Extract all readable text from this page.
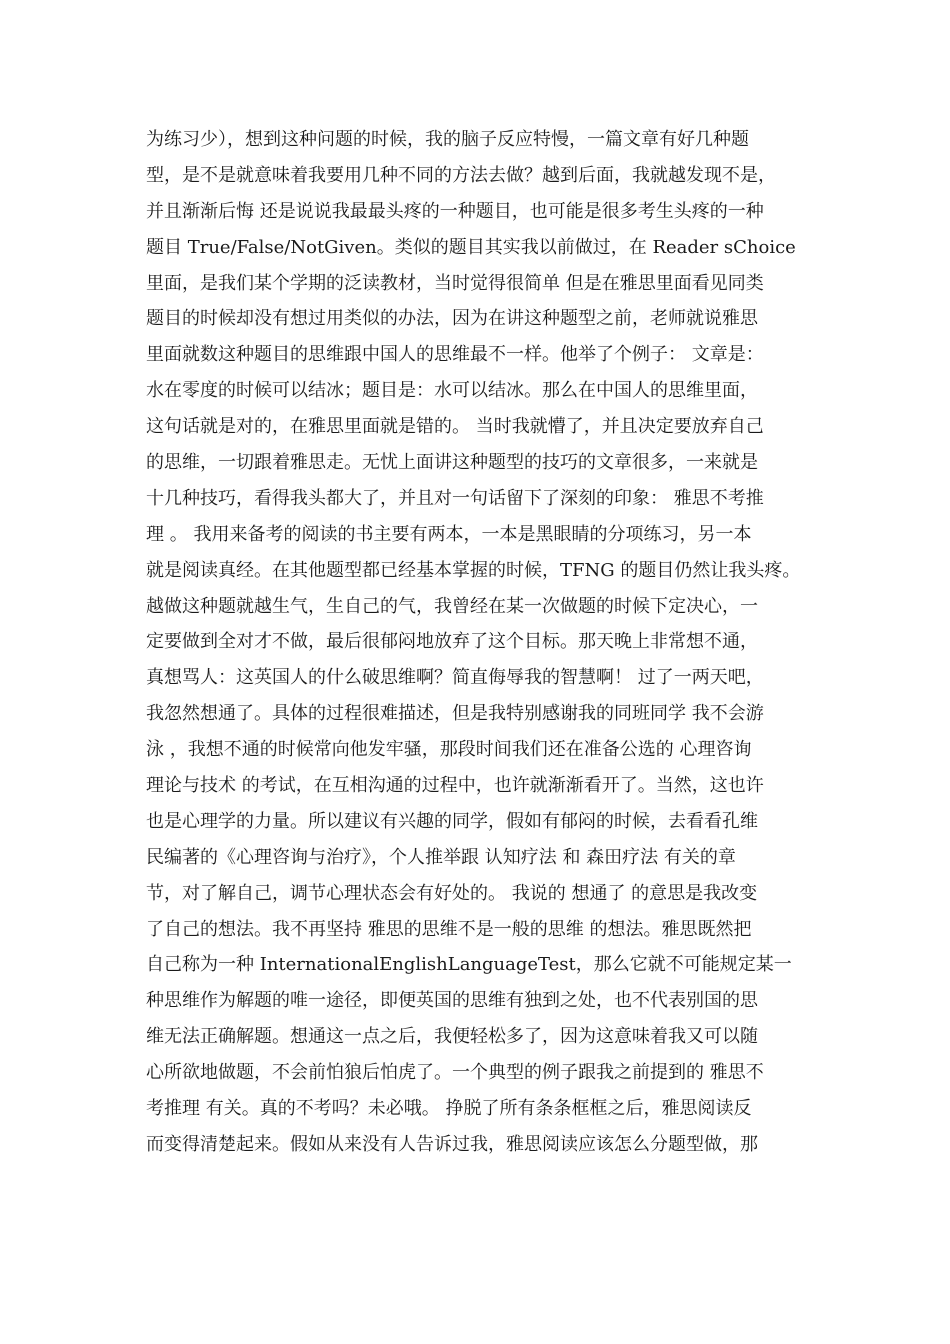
为练习少），想到这种问题的时候，我的脑子反应特慢，一篇文章有好几种题
型，是不是就意味着我要用几种不同的方法去做？越到后面，我就越发现不是，
并且渐渐后悔 还是说说我最最头疼的一种题目，也可能是很多考生头疼的一种
题目 True/False/NotGiven。类似的题目其实我以前做过，在 Reader sChoice
里面，是我们某个学期的泛读教材，当时觉得很简单 但是在雅思里面看见同类
题目的时候却没有想过用类似的办法，因为在讲这种题型之前，老师就说雅思
里面就数这种题目的思维跟中国人的思维最不一样。他举了个例子： 文章是：
水在零度的时候可以结冰；题目是：水可以结冰。那么在中国人的思维里面，
这句话就是对的，在雅思里面就是错的。 当时我就懵了，并且决定要放弃自己
的思维，一切跟着雅思走。无忧上面讲这种题型的技巧的文章很多，一来就是
十几种技巧，看得我头都大了，并且对一句话留下了深刻的印象： 雅思不考推
理 。 我用来备考的阅读的书主要有两本，一本是黑眼睛的分项练习，另一本
就是阅读真经。在其他题型都已经基本掌握的时候，TFNG 的题目仍然让我头疼。
越做这种题就越生气，生自己的气，我曾经在某一次做题的时候下定决心，一
定要做到全对才不做，最后很郁闷地放弃了这个目标。那天晚上非常想不通，
真想骂人：这英国人的什么破思维啊？简直侮辱我的智慧啊！ 过了一两天吧，
我忽然想通了。具体的过程很难描述，但是我特别感谢我的同班同学 我不会游
泳 ，我想不通的时候常向他发牢骚，那段时间我们还在准备公选的 心理咨询
理论与技术 的考试，在互相沟通的过程中，也许就渐渐看开了。当然，这也许
也是心理学的力量。所以建议有兴趣的同学，假如有郁闷的时候，去看看孔维
民编著的《心理咨询与治疗》，个人推举跟 认知疗法 和 森田疗法 有关的章
节，对了解自己，调节心理状态会有好处的。 我说的 想通了 的意思是我改变
了自己的想法。我不再坚持 雅思的思维不是一般的思维 的想法。雅思既然把
自己称为一种 InternationalEnglishLanguageTest，那么它就不可能规定某一
种思维作为解题的唯一途径，即便英国的思维有独到之处，也不代表别国的思
维无法正确解题。想通这一点之后，我便轻松多了，因为这意味着我又可以随
心所欲地做题，不会前怕狼后怕虎了。一个典型的例子跟我之前提到的 雅思不
考推理 有关。真的不考吗？未必哦。 挣脱了所有条条框框之后，雅思阅读反
而变得清楚起来。假如从来没有人告诉过我，雅思阅读应该怎么分题型做，那
